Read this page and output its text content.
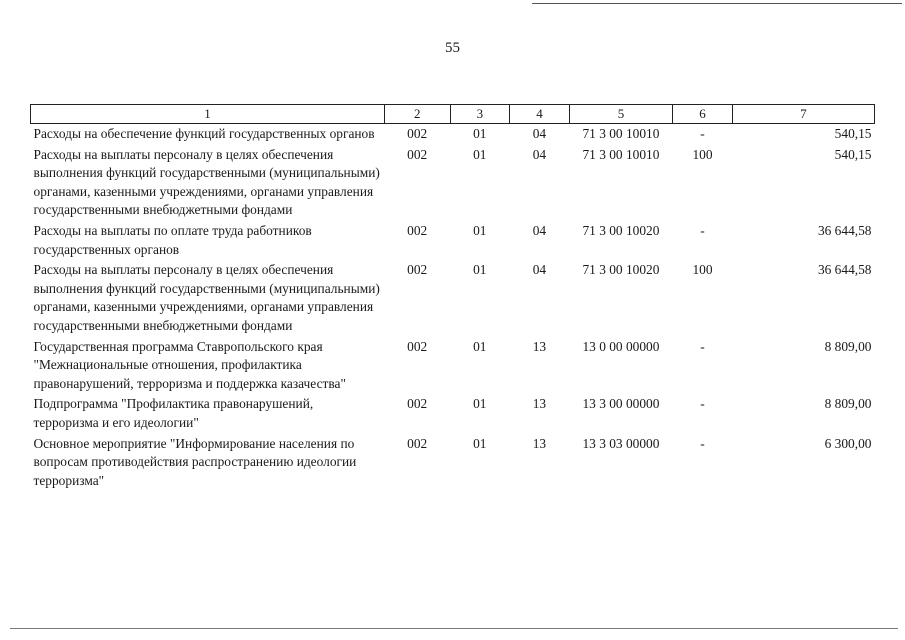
55
1	2	3	4	5	6	7
Расходы на обеспечение функций государственных органов	002	01	04	71 3 00 10010	-	540,15
Расходы на выплаты персоналу в целях обеспечения выполнения функций государственными (муниципальными) органами, казенными учреждениями, органами управления государственными внебюджетными фондами	002	01	04	71 3 00 10010	100	540,15
Расходы на выплаты по оплате труда работников государственных органов	002	01	04	71 3 00 10020	-	36 644,58
Расходы на выплаты персоналу в целях обеспечения выполнения функций государственными (муниципальными) органами, казенными учреждениями, органами управления государственными внебюджетными фондами	002	01	04	71 3 00 10020	100	36 644,58
Государственная программа Ставропольского края "Межнациональные отношения, профилактика правонарушений, терроризма и поддержка казачества"	002	01	13	13 0 00 00000	-	8 809,00
Подпрограмма "Профилактика правонарушений, терроризма и его идеологии"	002	01	13	13 3 00 00000	-	8 809,00
Основное мероприятие "Информирование населения по вопросам противодействия распространению идеологии терроризма"	002	01	13	13 3 03 00000	-	6 300,00
